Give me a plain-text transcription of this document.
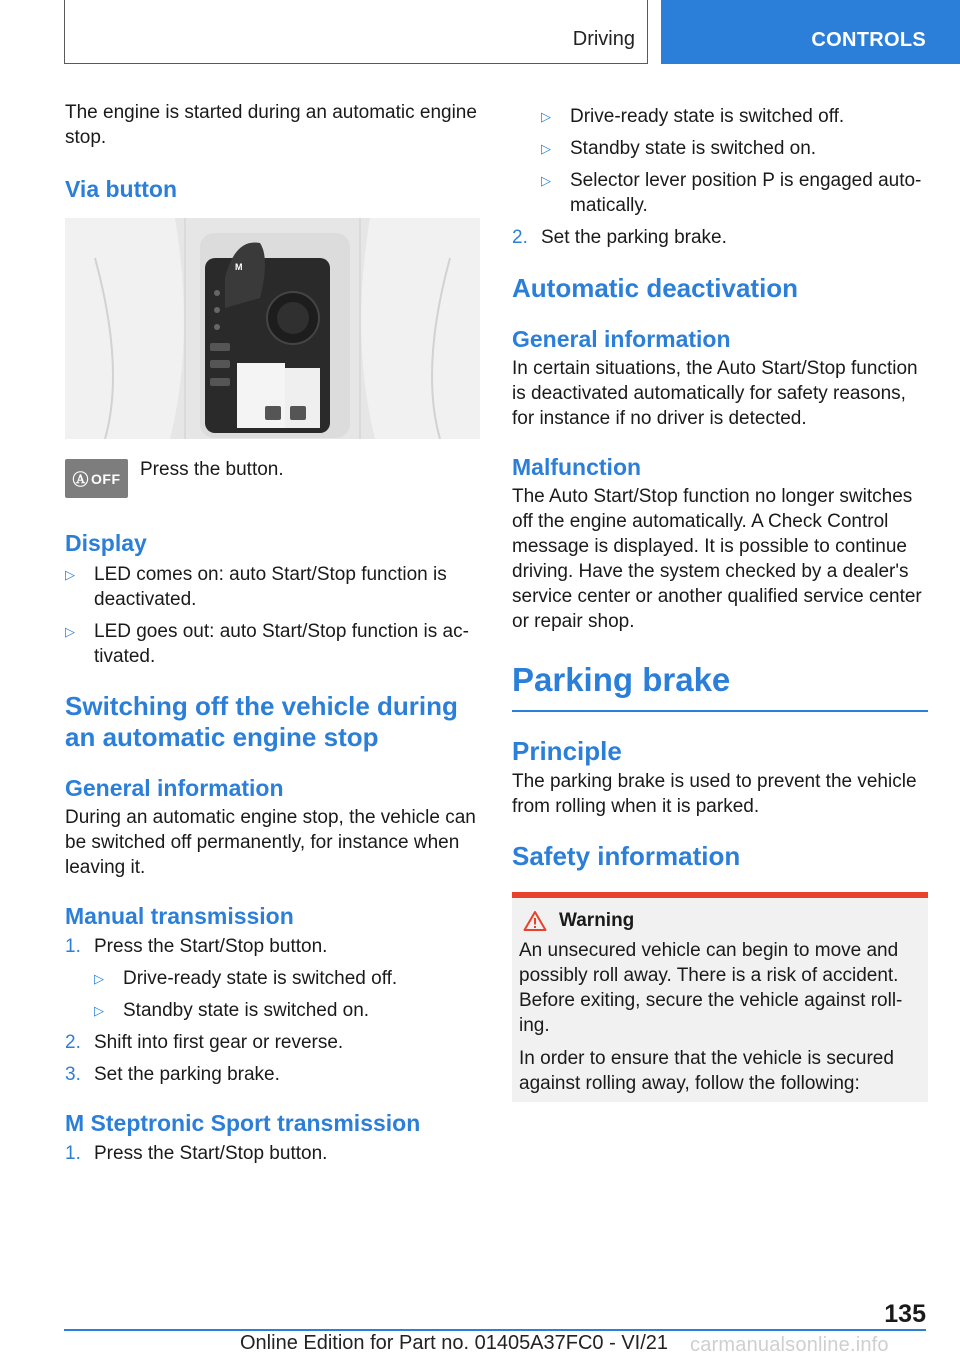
Driving	CONTROLS

The engine is started during an automatic engine stop.

Via button
M
Ⓐ OFF Press the button.

Display
▷ LED comes on: auto Start/Stop function is deactivated.
▷ LED goes out: auto Start/Stop function is ac‐tivated.
Switching off the vehicle during an automatic engine stop
General information

During an automatic engine stop, the vehicle can be switched off permanently, for instance when leaving it.

Manual transmission
1. Press the Start/Stop button.
▷ Drive-ready state is switched off.
▷ Standby state is switched on.
2. Shift into first gear or reverse.
3. Set the parking brake.
M Steptronic Sport transmission
1. Press the Start/Stop button.
▷ Drive-ready state is switched off.
▷ Standby state is switched on.
▷ Selector lever position P is engaged auto‐matically.
2. Set the parking brake.
Automatic deactivation
General information

In certain situations, the Auto Start/Stop function is deactivated automatically for safety reasons, for instance if no driver is detected.

Malfunction

The Auto Start/Stop function no longer switches off the engine automatically. A Check Control message is displayed. It is possible to continue driving. Have the system checked by a dealer's service center or another qualified service center or repair shop.

Parking brake
Principle

The parking brake is used to prevent the vehicle from rolling when it is parked.

Safety information
Warning

An unsecured vehicle can begin to move and possibly roll away. There is a risk of accident. Before exiting, secure the vehicle against roll‐ing.

In order to ensure that the vehicle is secured against rolling away, follow the following:

135
Online Edition for Part no. 01405A37FC0 - VI/21 carmanualsonline.info
